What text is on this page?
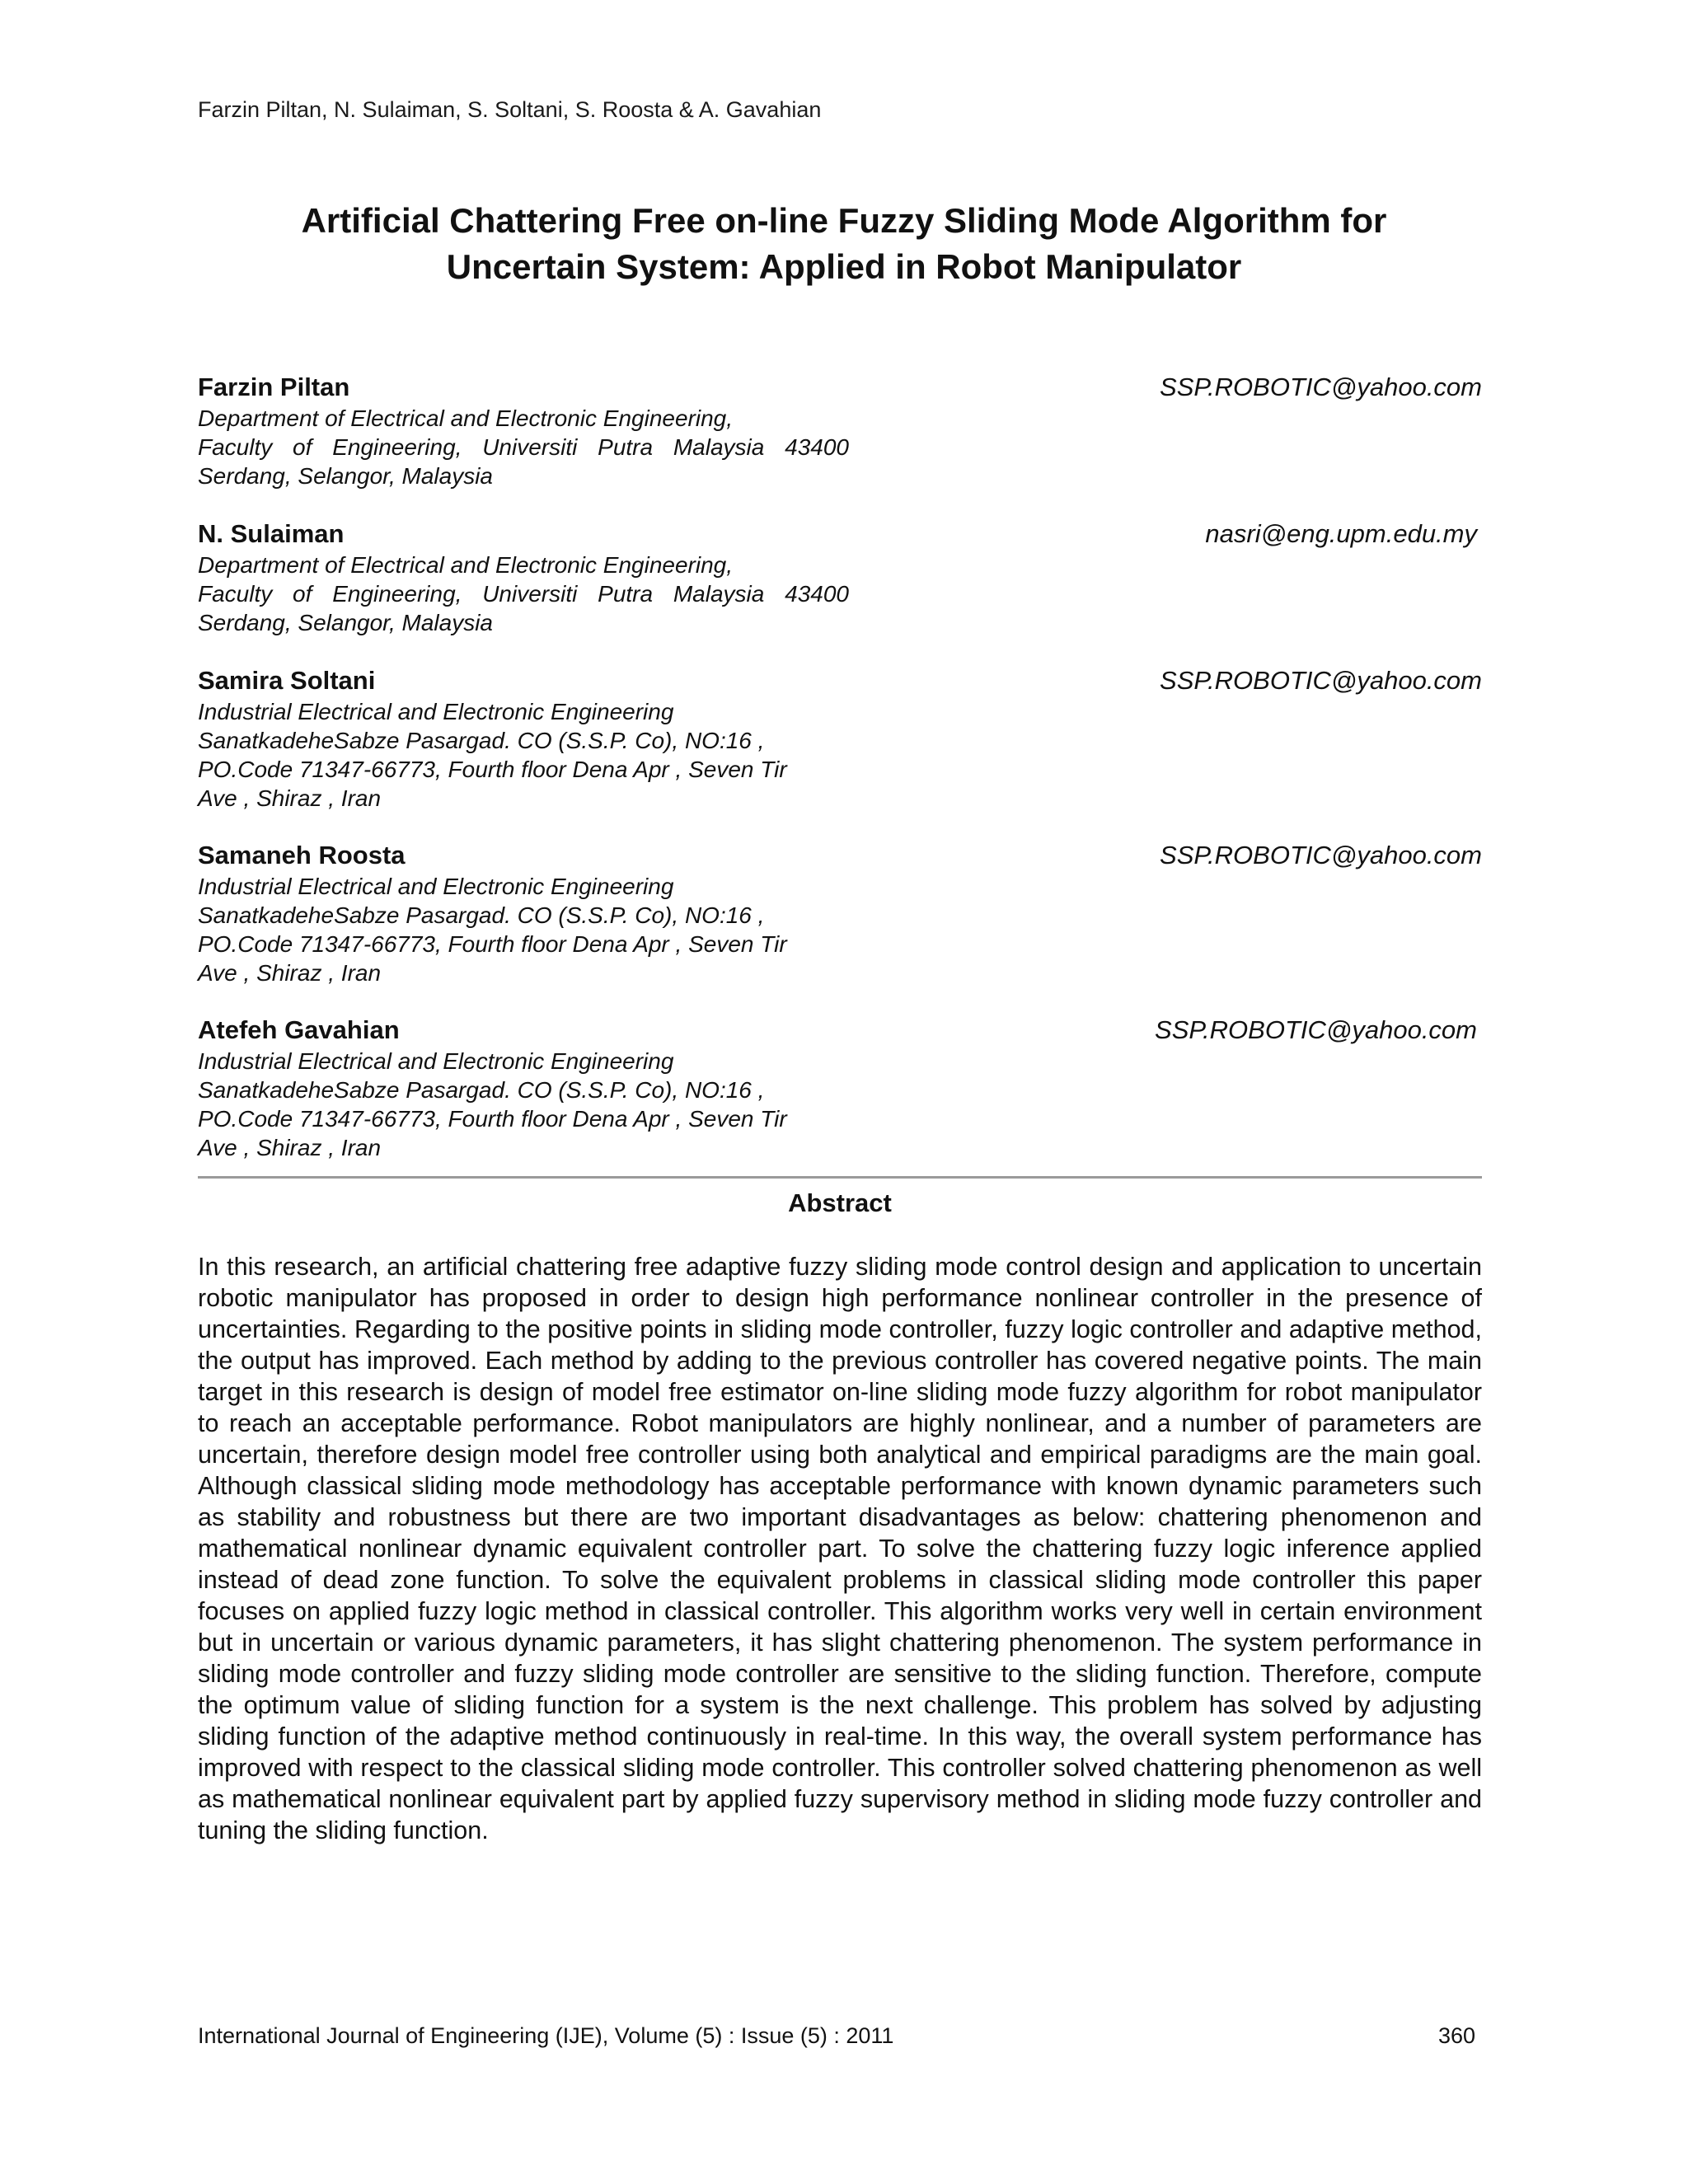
Farzin Piltan, N. Sulaiman, S. Soltani, S. Roosta & A. Gavahian
Artificial Chattering Free on-line Fuzzy Sliding Mode Algorithm for
Uncertain System: Applied in Robot Manipulator
Farzin Piltan	SSP.ROBOTIC@yahoo.com
Department of Electrical and Electronic Engineering,
Faculty of Engineering, Universiti Putra Malaysia 43400
Serdang, Selangor, Malaysia
N. Sulaiman	nasri@eng.upm.edu.my
Department of Electrical and Electronic Engineering,
Faculty of Engineering, Universiti Putra Malaysia 43400
Serdang, Selangor, Malaysia
Samira Soltani	SSP.ROBOTIC@yahoo.com
Industrial Electrical and Electronic Engineering
SanatkadeheSabze Pasargad. CO (S.S.P. Co), NO:16 ,
PO.Code 71347-66773, Fourth floor Dena Apr , Seven Tir
Ave , Shiraz , Iran
Samaneh Roosta	SSP.ROBOTIC@yahoo.com
Industrial Electrical and Electronic Engineering
SanatkadeheSabze Pasargad. CO (S.S.P. Co), NO:16 ,
PO.Code 71347-66773, Fourth floor Dena Apr , Seven Tir
Ave , Shiraz , Iran
Atefeh Gavahian	SSP.ROBOTIC@yahoo.com
Industrial Electrical and Electronic Engineering
SanatkadeheSabze Pasargad. CO (S.S.P. Co), NO:16 ,
PO.Code 71347-66773, Fourth floor Dena Apr , Seven Tir
Ave , Shiraz , Iran
Abstract
In this research, an artificial chattering free adaptive fuzzy sliding mode control design and application to uncertain robotic manipulator has proposed in order to design high performance nonlinear controller in the presence of uncertainties. Regarding to the positive points in sliding mode controller, fuzzy logic controller and adaptive method, the output has improved. Each method by adding to the previous controller has covered negative points. The main target in this research is design of model free estimator on-line sliding mode fuzzy algorithm for robot manipulator to reach an acceptable performance. Robot manipulators are highly nonlinear, and a number of parameters are uncertain, therefore design model free controller using both analytical and empirical paradigms are the main goal. Although classical sliding mode methodology has acceptable performance with known dynamic parameters such as stability and robustness but there are two important disadvantages as below: chattering phenomenon and mathematical nonlinear dynamic equivalent controller part. To solve the chattering fuzzy logic inference applied instead of dead zone function. To solve the equivalent problems in classical sliding mode controller this paper focuses on applied fuzzy logic method in classical controller. This algorithm works very well in certain environment but in uncertain or various dynamic parameters, it has slight chattering phenomenon. The system performance in sliding mode controller and fuzzy sliding mode controller are sensitive to the sliding function. Therefore, compute the optimum value of sliding function for a system is the next challenge. This problem has solved by adjusting sliding function of the adaptive method continuously in real-time. In this way, the overall system performance has improved with respect to the classical sliding mode controller. This controller solved chattering phenomenon as well as mathematical nonlinear equivalent part by applied fuzzy supervisory method in sliding mode fuzzy controller and tuning the sliding function.
International Journal of Engineering (IJE), Volume (5) : Issue (5) : 2011	360
